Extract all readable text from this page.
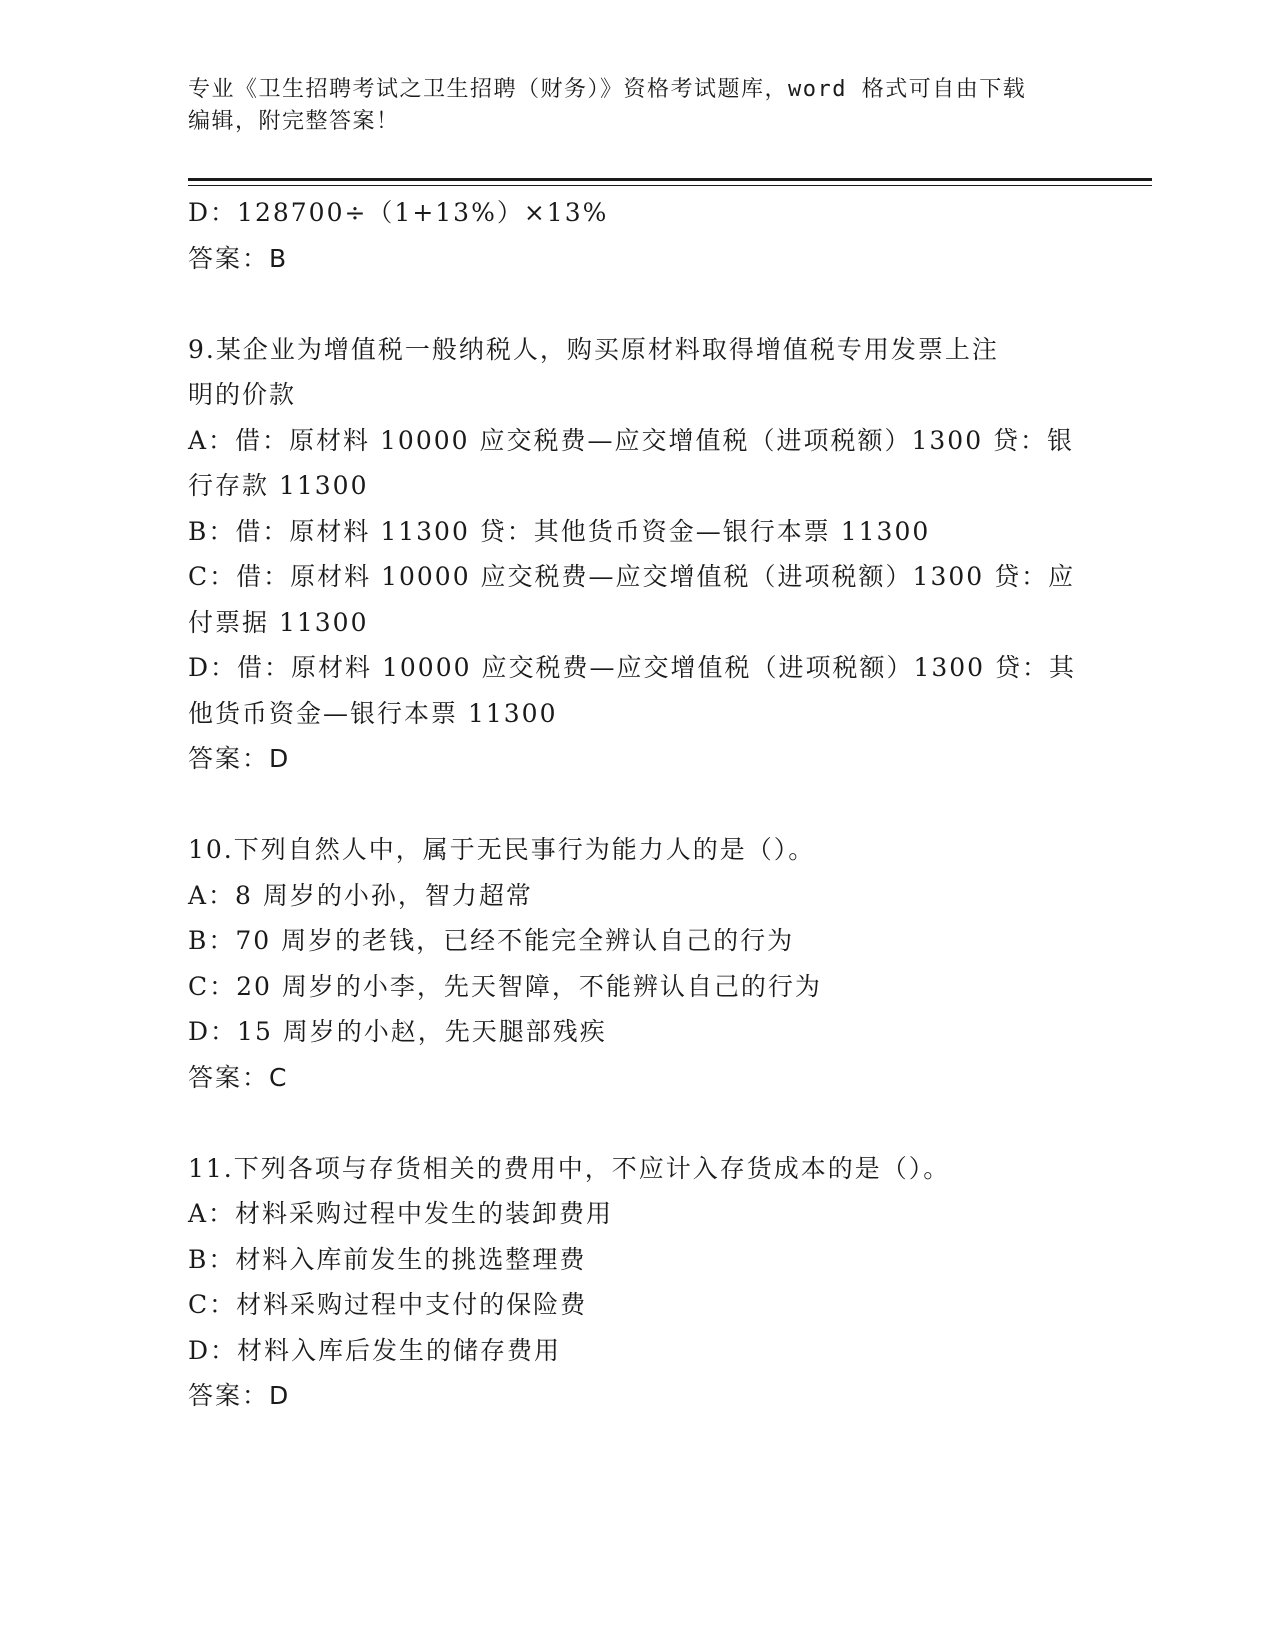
专业《卫生招聘考试之卫生招聘（财务）》资格考试题库，word 格式可自由下载
编辑，附完整答案！
D：128700÷（1+13%）×13%
答案：B
9.某企业为增值税一般纳税人，购买原材料取得增值税专用发票上注
明的价款
A：借：原材料 10000 应交税费—应交增值税（进项税额）1300 贷：银
行存款 11300
B：借：原材料 11300 贷：其他货币资金—银行本票 11300
C：借：原材料 10000 应交税费—应交增值税（进项税额）1300 贷：应
付票据 11300
D：借：原材料 10000 应交税费—应交增值税（进项税额）1300 贷：其
他货币资金—银行本票 11300
答案：D
10.下列自然人中，属于无民事行为能力人的是（）。
A：8 周岁的小孙，智力超常
B：70 周岁的老钱，已经不能完全辨认自己的行为
C：20 周岁的小李，先天智障，不能辨认自己的行为
D：15 周岁的小赵，先天腿部残疾
答案：C
11.下列各项与存货相关的费用中，不应计入存货成本的是（）。
A：材料采购过程中发生的装卸费用
B：材料入库前发生的挑选整理费
C：材料采购过程中支付的保险费
D：材料入库后发生的储存费用
答案：D
